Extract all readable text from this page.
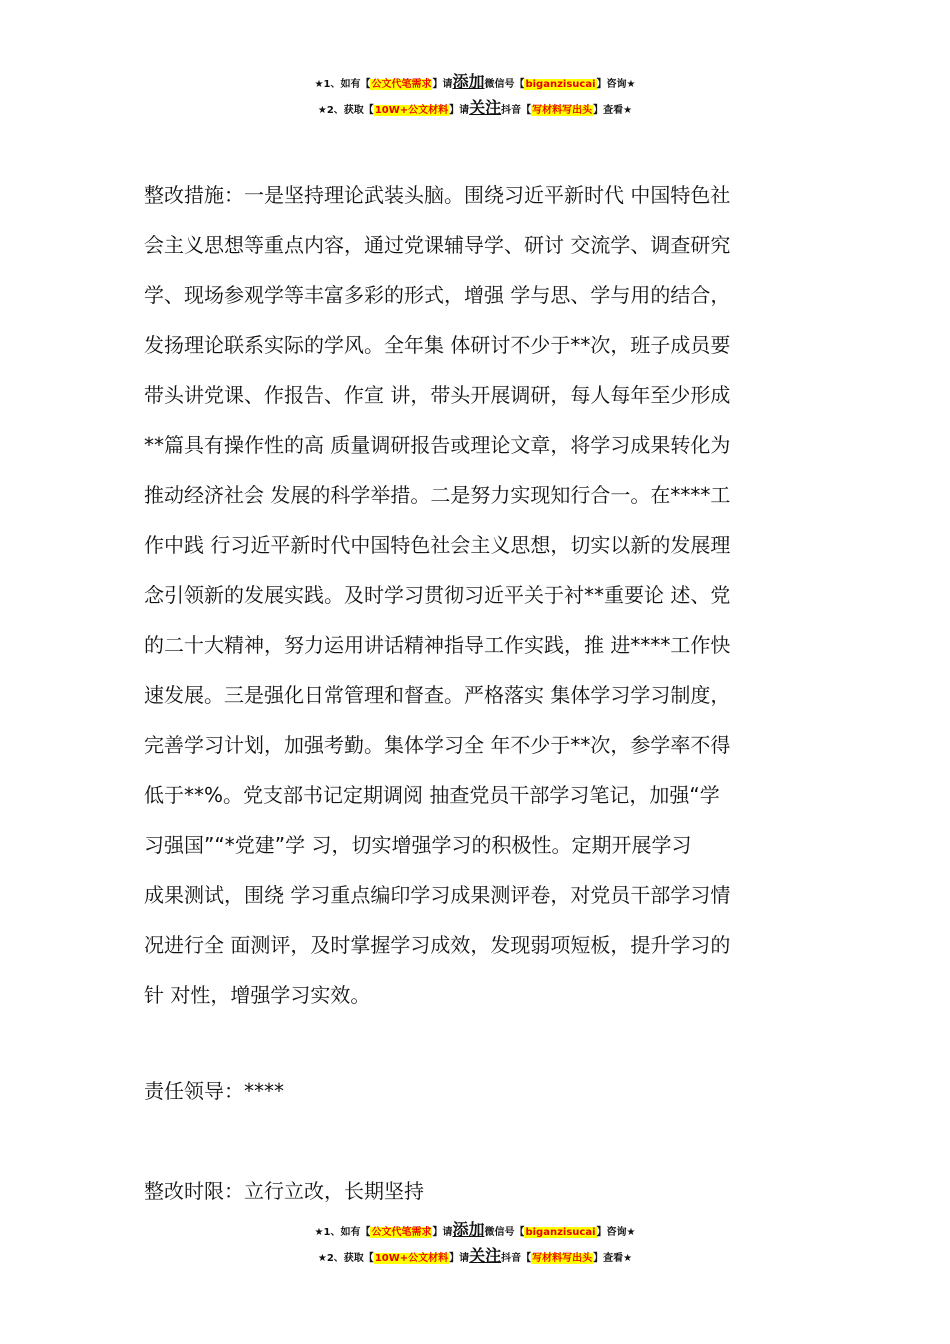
★1、如有【公文代笔需求】请添加微信号【biganzisucai】咨询★
★2、获取【10W+公文材料】请关注抖音【写材料写出头】查看★

整改措施：一是坚持理论武装头脑。围绕习近平新时代 中国特色社
会主义思想等重点内容，通过党课辅导学、研讨 交流学、调查研究
学、现场参观学等丰富多彩的形式，增强 学与思、学与用的结合，
发扬理论联系实际的学风。全年集 体研讨不少于**次，班子成员要
带头讲党课、作报告、作宣 讲，带头开展调研，每人每年至少形成
**篇具有操作性的高 质量调研报告或理论文章，将学习成果转化为
推动经济社会 发展的科学举措。二是努力实现知行合一。在****工
作中践 行习近平新时代中国特色社会主义思想，切实以新的发展理
念引领新的发展实践。及时学习贯彻习近平关于衬**重要论 述、党
的二十大精神，努力运用讲话精神指导工作实践，推 进****工作快
速发展。三是强化日常管理和督查。严格落实 集体学习学习制度，
完善学习计划，加强考勤。集体学习全 年不少于**次，参学率不得
低于**%。党支部书记定期调阅 抽查党员干部学习笔记，加强“学
习强国”“*党建”学 习，切实增强学习的积极性。定期开展学习
成果测试，围绕 学习重点编印学习成果测评卷，对党员干部学习情
况进行全 面测评，及时掌握学习成效，发现弱项短板，提升学习的
针 对性，增强学习实效。

责任领导：****

整改时限：立行立改，长期坚持

★1、如有【公文代笔需求】请添加微信号【biganzisucai】咨询★
★2、获取【10W+公文材料】请关注抖音【写材料写出头】查看★
